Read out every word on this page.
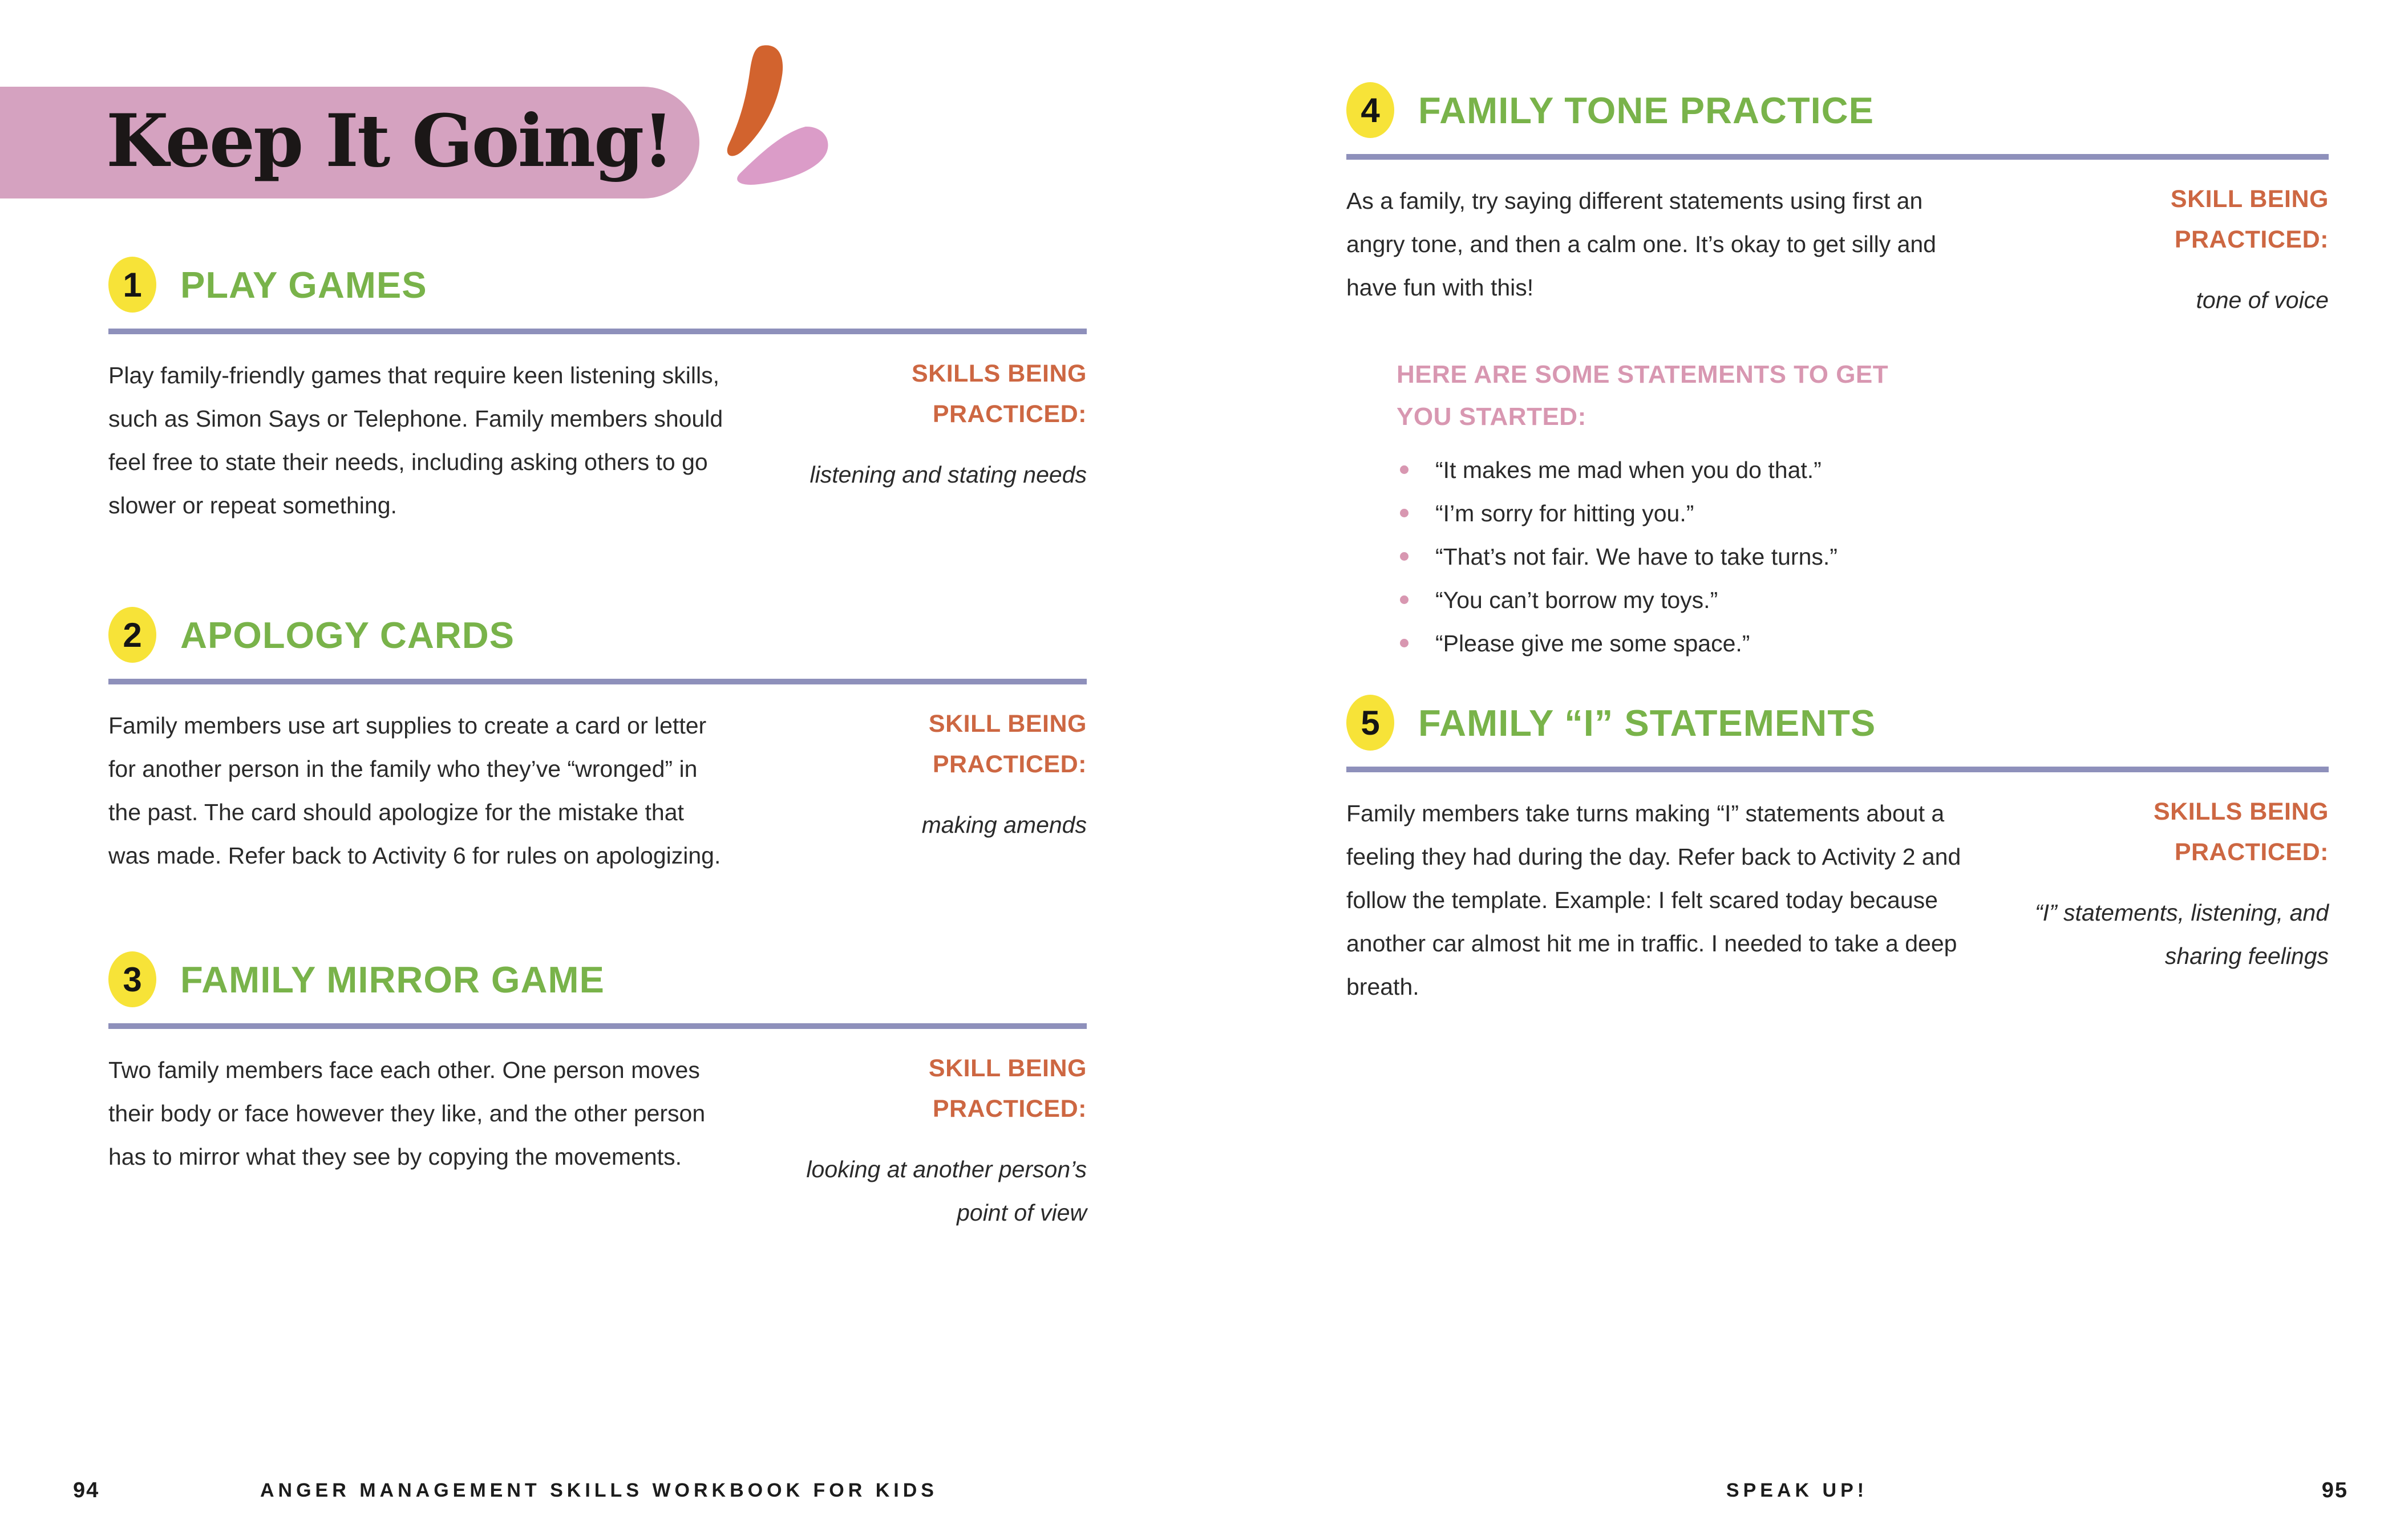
Keep It Going!
1 PLAY GAMES

Play family-friendly games that require keen listening skills, such as Simon Says or Telephone. Family members should feel free to state their needs, including asking others to go slower or repeat something.

SKILLS BEING PRACTICED:
listening and stating needs
2 APOLOGY CARDS

Family members use art supplies to create a card or letter for another person in the family who they’ve “wronged” in the past. The card should apologize for the mistake that was made. Refer back to Activity 6 for rules on apologizing.

SKILL BEING PRACTICED:
making amends
3 FAMILY MIRROR GAME

Two family members face each other. One person moves their body or face however they like, and the other person has to mirror what they see by copying the movements.

SKILL BEING PRACTICED:
looking at another person’s point of view
4 FAMILY TONE PRACTICE

As a family, try saying different statements using first an angry tone, and then a calm one. It’s okay to get silly and have fun with this!

SKILL BEING PRACTICED:
tone of voice
HERE ARE SOME STATEMENTS TO GET YOU STARTED:
“It makes me mad when you do that.”
“I’m sorry for hitting you.”
“That’s not fair. We have to take turns.”
“You can’t borrow my toys.”
“Please give me some space.”
5 FAMILY “I” STATEMENTS

Family members take turns making “I” statements about a feeling they had during the day. Refer back to Activity 2 and follow the template. Example: I felt scared today because another car almost hit me in traffic. I needed to take a deep breath.

SKILLS BEING PRACTICED:
“I” statements, listening, and sharing feelings
94	ANGER MANAGEMENT SKILLS WORKBOOK FOR KIDS	SPEAK UP!	95
